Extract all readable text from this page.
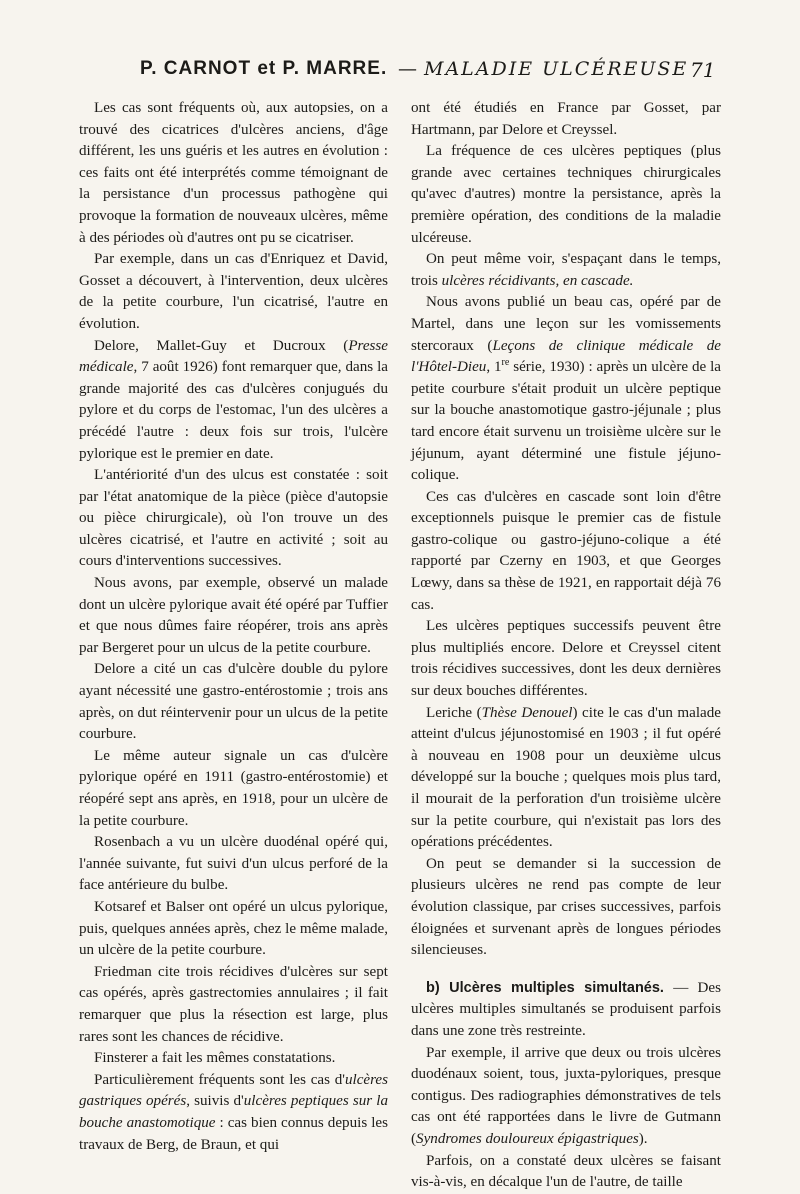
P. CARNOT et P. MARRE. — MALADIE ULCÉREUSE 71

Les cas sont fréquents où, aux autopsies, on a trouvé des cicatrices d'ulcères anciens, d'âge différent, les uns guéris et les autres en évolution : ces faits ont été interprétés comme témoignant de la persistance d'un processus pathogène qui provoque la formation de nouveaux ulcères, même à des périodes où d'autres ont pu se cicatriser.

Par exemple, dans un cas d'Enriquez et David, Gosset a découvert, à l'intervention, deux ulcères de la petite courbure, l'un cicatrisé, l'autre en évolution.

Delore, Mallet-Guy et Ducroux (Presse médicale, 7 août 1926) font remarquer que, dans la grande majorité des cas d'ulcères conjugués du pylore et du corps de l'estomac, l'un des ulcères a précédé l'autre : deux fois sur trois, l'ulcère pylorique est le premier en date.

L'antériorité d'un des ulcus est constatée : soit par l'état anatomique de la pièce (pièce d'autopsie ou pièce chirurgicale), où l'on trouve un des ulcères cicatrisé, et l'autre en activité ; soit au cours d'interventions successives.

Nous avons, par exemple, observé un malade dont un ulcère pylorique avait été opéré par Tuffier et que nous dûmes faire réopérer, trois ans après par Bergeret pour un ulcus de la petite courbure.

Delore a cité un cas d'ulcère double du pylore ayant nécessité une gastro-entérostomie ; trois ans après, on dut réintervenir pour un ulcus de la petite courbure.

Le même auteur signale un cas d'ulcère pylorique opéré en 1911 (gastro-entérostomie) et réopéré sept ans après, en 1918, pour un ulcère de la petite courbure.

Rosenbach a vu un ulcère duodénal opéré qui, l'année suivante, fut suivi d'un ulcus perforé de la face antérieure du bulbe.

Kotsaref et Balser ont opéré un ulcus pylorique, puis, quelques années après, chez le même malade, un ulcère de la petite courbure.

Friedman cite trois récidives d'ulcères sur sept cas opérés, après gastrectomies annulaires ; il fait remarquer que plus la résection est large, plus rares sont les chances de récidive.

Finsterer a fait les mêmes constatations.

Particulièrement fréquents sont les cas d'ulcères gastriques opérés, suivis d'ulcères peptiques sur la bouche anastomotique : cas bien connus depuis les travaux de Berg, de Braun, et qui

ont été étudiés en France par Gosset, par Hartmann, par Delore et Creyssel.

La fréquence de ces ulcères peptiques (plus grande avec certaines techniques chirurgicales qu'avec d'autres) montre la persistance, après la première opération, des conditions de la maladie ulcéreuse.

On peut même voir, s'espaçant dans le temps, trois ulcères récidivants, en cascade.

Nous avons publié un beau cas, opéré par de Martel, dans une leçon sur les vomissements stercoraux (Leçons de clinique médicale de l'Hôtel-Dieu, 1re série, 1930) : après un ulcère de la petite courbure s'était produit un ulcère peptique sur la bouche anastomotique gastro-jéjunale ; plus tard encore était survenu un troisième ulcère sur le jéjunum, ayant déterminé une fistule jéjuno-colique.

Ces cas d'ulcères en cascade sont loin d'être exceptionnels puisque le premier cas de fistule gastro-colique ou gastro-jéjuno-colique a été rapporté par Czerny en 1903, et que Georges Lœwy, dans sa thèse de 1921, en rapportait déjà 76 cas.

Les ulcères peptiques successifs peuvent être plus multipliés encore. Delore et Creyssel citent trois récidives successives, dont les deux dernières sur deux bouches différentes.

Leriche (Thèse Denouel) cite le cas d'un malade atteint d'ulcus jéjunostomisé en 1903 ; il fut opéré à nouveau en 1908 pour un deuxième ulcus développé sur la bouche ; quelques mois plus tard, il mourait de la perforation d'un troisième ulcère sur la petite courbure, qui n'existait pas lors des opérations précédentes.

On peut se demander si la succession de plusieurs ulcères ne rend pas compte de leur évolution classique, par crises successives, parfois éloignées et survenant après de longues périodes silencieuses.

b) Ulcères multiples simultanés. — Des ulcères multiples simultanés se produisent parfois dans une zone très restreinte.

Par exemple, il arrive que deux ou trois ulcères duodénaux soient, tous, juxta-pyloriques, presque contigus. Des radiographies démonstratives de tels cas ont été rapportées dans le livre de Gutmann (Syndromes douloureux épigastriques).

Parfois, on a constaté deux ulcères se faisant vis-à-vis, en décalque l'un de l'autre, de taille
